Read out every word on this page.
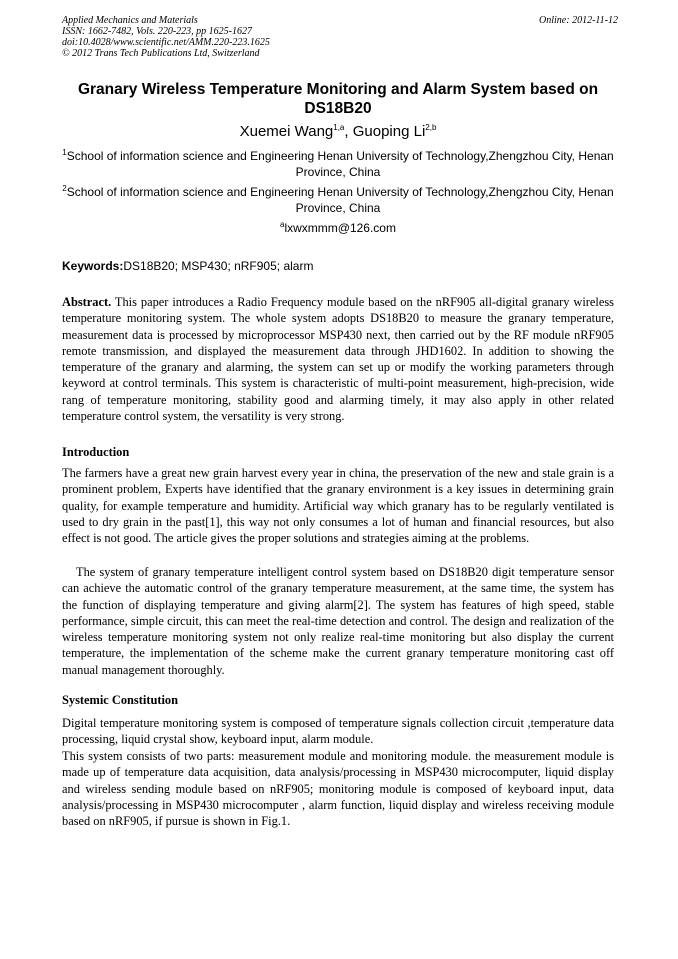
Applied Mechanics and Materials
ISSN: 1662-7482, Vols. 220-223, pp 1625-1627
doi:10.4028/www.scientific.net/AMM.220-223.1625
© 2012 Trans Tech Publications Ltd, Switzerland
Online: 2012-11-12
Granary Wireless Temperature Monitoring and Alarm System based on DS18B20
Xuemei Wang$^{1,a}$, Guoping Li$^{2,b}$
$^1$School of information science and Engineering Henan University of Technology,Zhengzhou City, Henan Province, China
$^2$School of information science and Engineering Henan University of Technology,Zhengzhou City, Henan Province, China
$^a$lxwxmmm@126.com
Keywords:DS18B20; MSP430; nRF905; alarm
Abstract. This paper introduces a Radio Frequency module based on the nRF905 all-digital granary wireless temperature monitoring system. The whole system adopts DS18B20 to measure the granary temperature, measurement data is processed by microprocessor MSP430 next, then carried out by the RF module nRF905 remote transmission, and displayed the measurement data through JHD1602. In addition to showing the temperature of the granary and alarming, the system can set up or modify the working parameters through keyword at control terminals. This system is characteristic of multi-point measurement, high-precision, wide rang of temperature monitoring, stability good and alarming timely, it may also apply in other related temperature control system, the versatility is very strong.
Introduction
The farmers have a great new grain harvest every year in china, the preservation of the new and stale grain is a prominent problem, Experts have identified that the granary environment is a key issues in determining grain quality, for example temperature and humidity. Artificial way which granary has to be regularly ventilated is used to dry grain in the past[1], this way not only consumes a lot of human and financial resources, but also effect is not good. The article gives the proper solutions and strategies aiming at the problems.
The system of granary temperature intelligent control system based on DS18B20 digit temperature sensor can achieve the automatic control of the granary temperature measurement, at the same time, the system has the function of displaying temperature and giving alarm[2]. The system has features of high speed, stable performance, simple circuit, this can meet the real-time detection and control. The design and realization of the wireless temperature monitoring system not only realize real-time monitoring but also display the current temperature, the implementation of the scheme make the current granary temperature monitoring cast off manual management thoroughly.
Systemic Constitution
Digital temperature monitoring system is composed of temperature signals collection circuit ,temperature data processing, liquid crystal show, keyboard input, alarm module.
This system consists of two parts: measurement module and monitoring module. the measurement module is made up of temperature data acquisition, data analysis/processing in MSP430 microcomputer, liquid display and wireless sending module based on nRF905; monitoring module is composed of keyboard input, data analysis/processing in MSP430 microcomputer , alarm function, liquid display and wireless receiving module based on nRF905, if pursue is shown in Fig.1.
